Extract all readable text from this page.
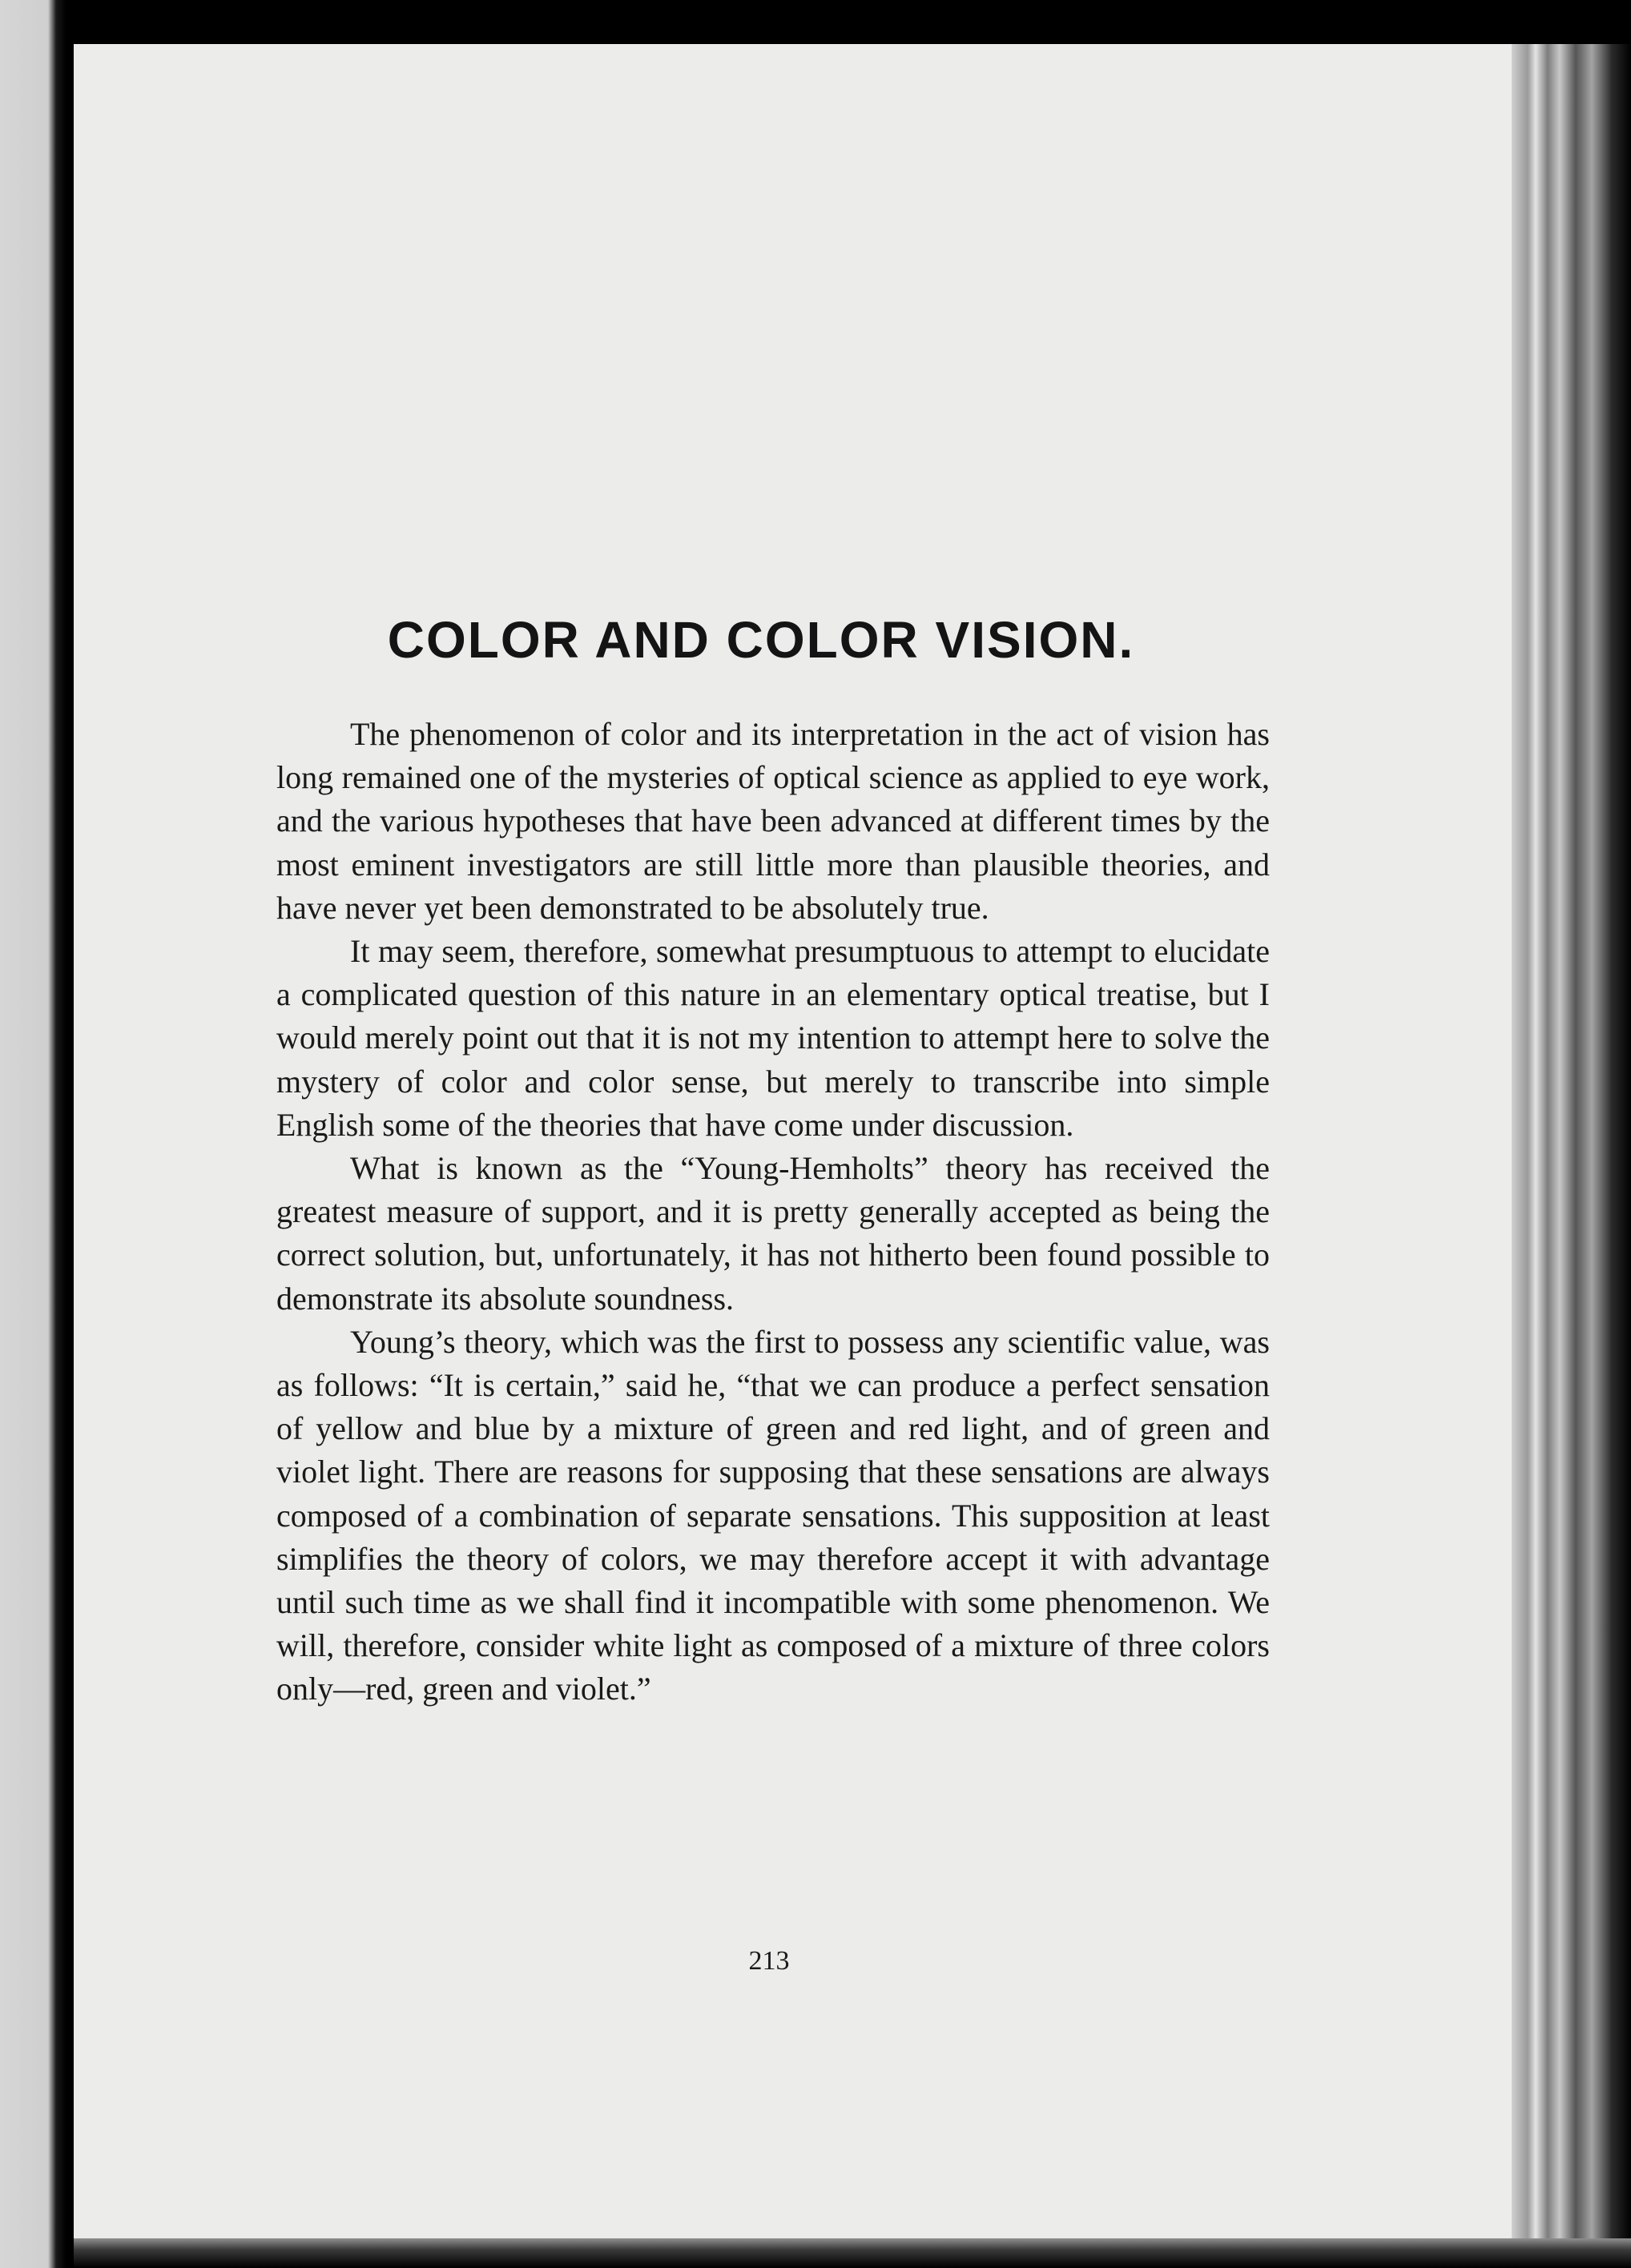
COLOR AND COLOR VISION.

The phenomenon of color and its interpretation in the act of vision has long remained one of the mysteries of optical science as applied to eye work, and the various hypotheses that have been advanced at different times by the most eminent investigators are still little more than plausible theories, and have never yet been demonstrated to be absolutely true.

It may seem, therefore, somewhat presumptuous to attempt to elucidate a complicated question of this nature in an elementary optical treatise, but I would merely point out that it is not my intention to attempt here to solve the mystery of color and color sense, but merely to transcribe into simple English some of the theories that have come under discussion.

What is known as the “Young-Hemholts” theory has received the greatest measure of support, and it is pretty generally accepted as being the correct solution, but, unfortunately, it has not hitherto been found possible to demonstrate its absolute soundness.

Young’s theory, which was the first to possess any scientific value, was as follows: “It is certain,” said he, “that we can produce a perfect sensation of yellow and blue by a mixture of green and red light, and of green and violet light. There are reasons for supposing that these sensations are always composed of a combination of separate sensations. This supposition at least simplifies the theory of colors, we may therefore accept it with advantage until such time as we shall find it incompatible with some phenomenon. We will, therefore, consider white light as composed of a mixture of three colors only—red, green and violet.”

213
